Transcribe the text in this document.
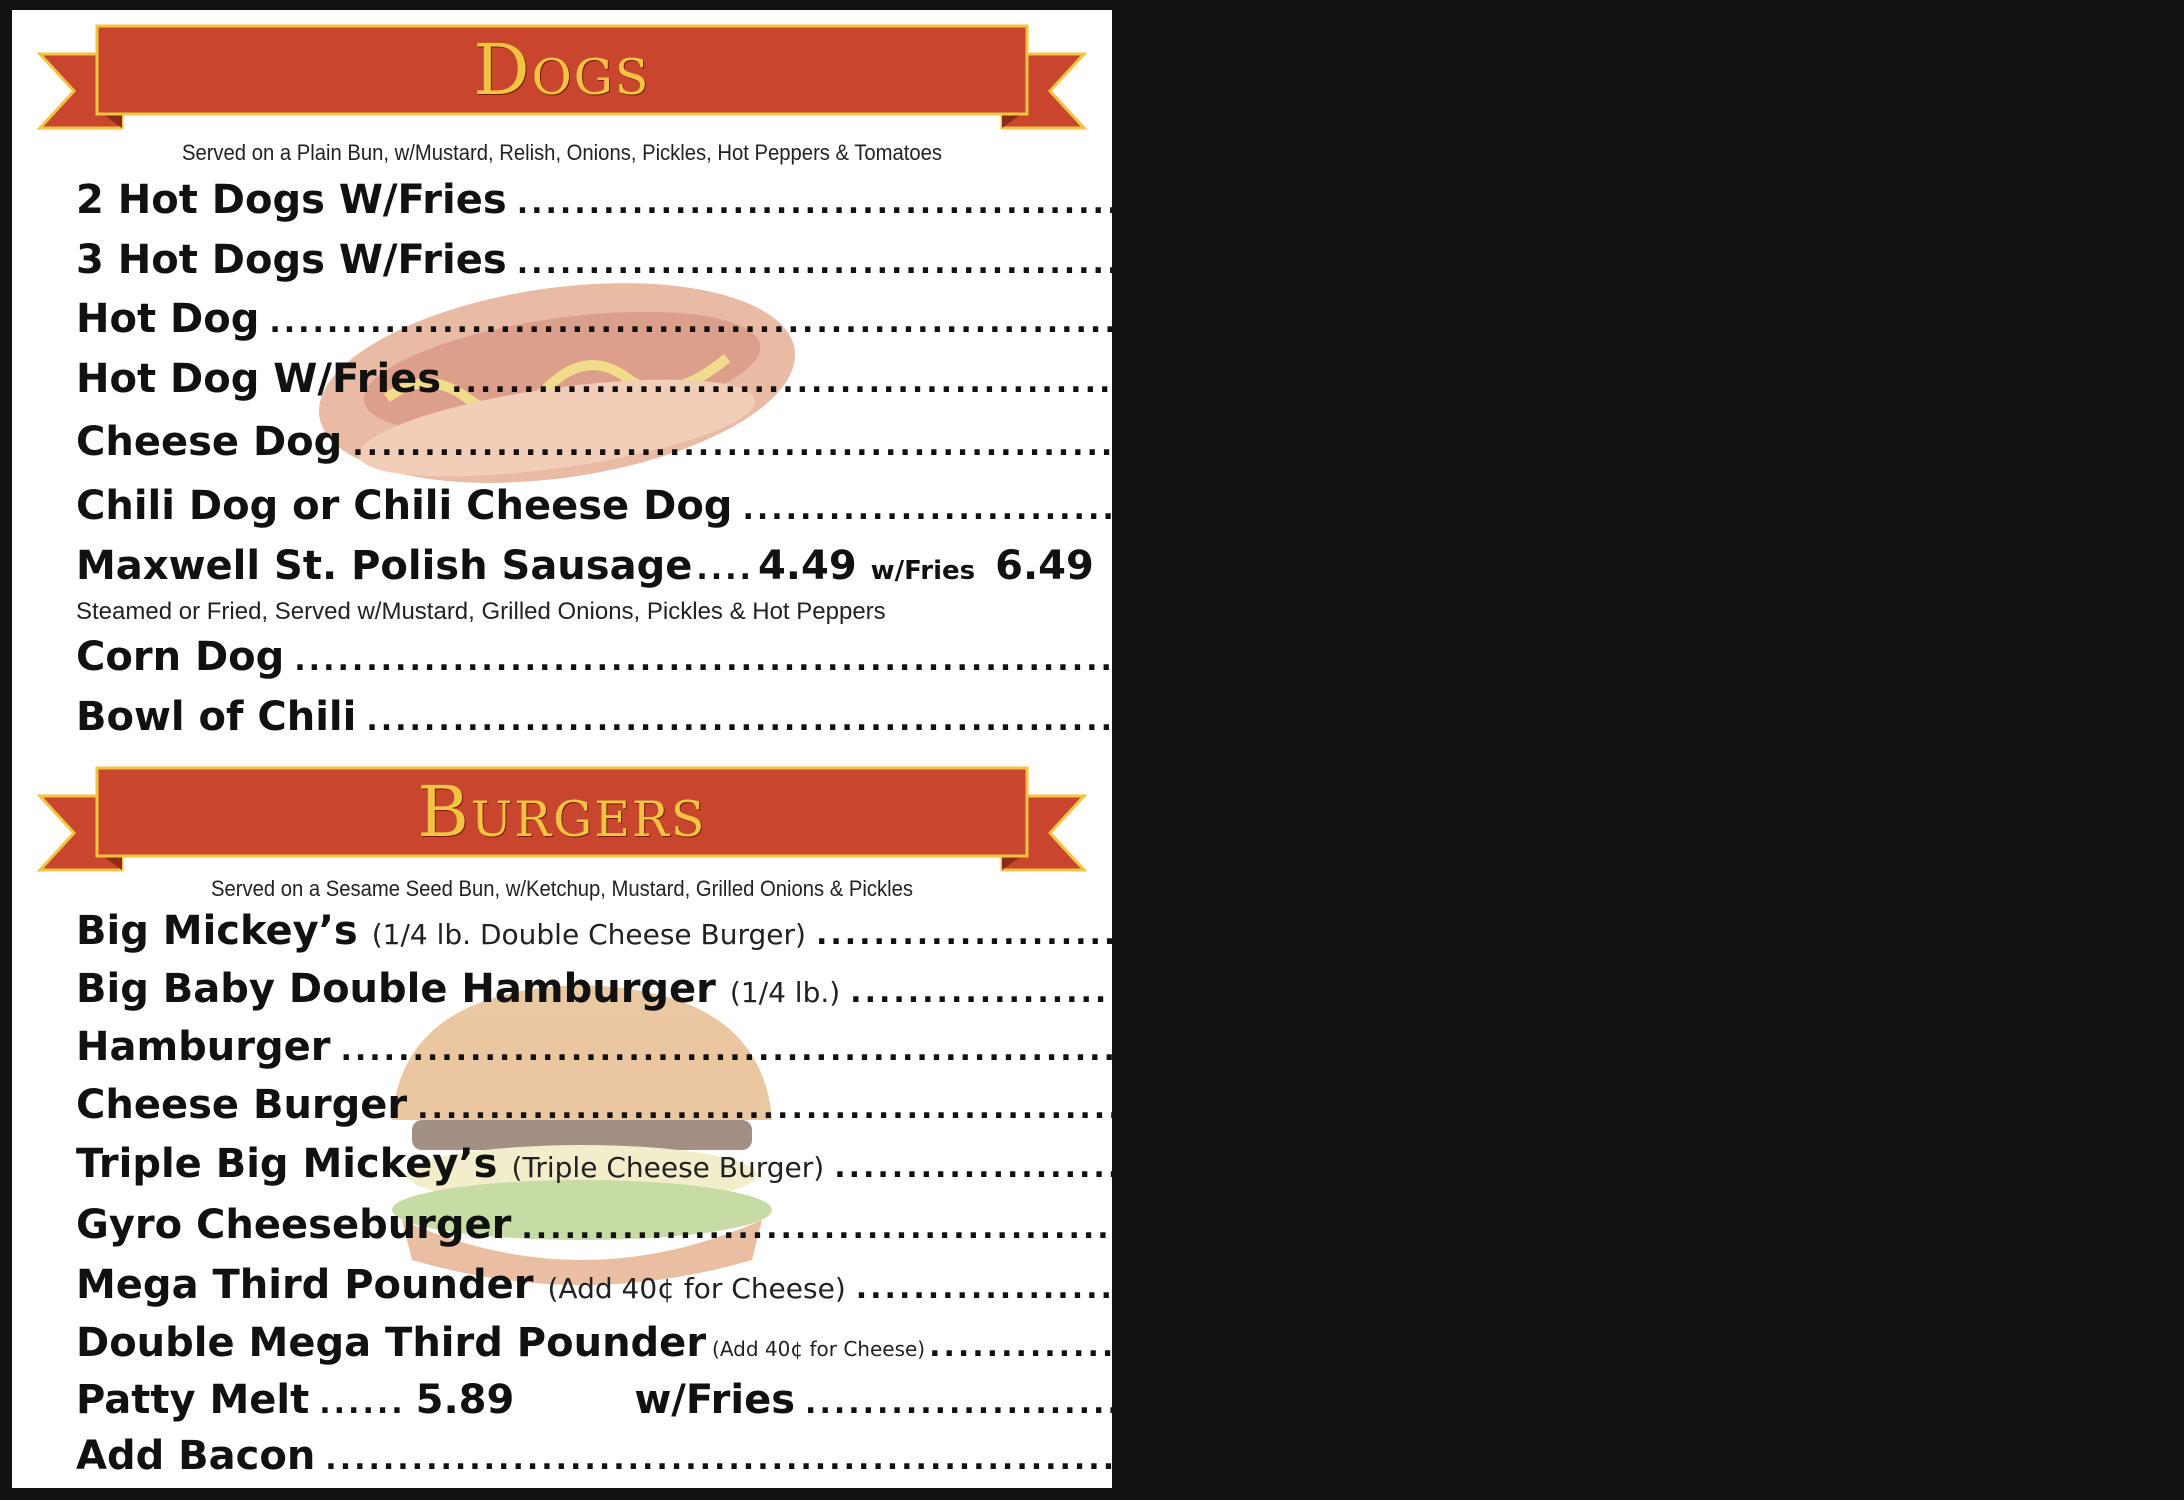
Dogs
Served on a Plain Bun, w/Mustard, Relish, Onions, Pickles, Hot Peppers & Tomatoes
2 Hot Dogs W/Fries ................................................................................ 7.49
3 Hot Dogs W/Fries ................................................................................ 8.49
Hot Dog ................................................................................ 3.25
Hot Dog W/Fries ................................................................................ 4.99
Cheese Dog ................................................................................ 3.49
Chili Dog or Chili Cheese Dog ................................................................................ 3.49
Maxwell St. Polish Sausage .... 4.49 w/Fries 6.49
Steamed or Fried, Served w/Mustard, Grilled Onions, Pickles & Hot Peppers
Corn Dog ................................................................................ 2.69
Bowl of Chili ................................................................................ 2.99
Burgers
Served on a Sesame Seed Bun, w/Ketchup, Mustard, Grilled Onions & Pickles
Big Mickey’s (1/4 lb. Double Cheese Burger) ................................................................................ 2.99
Big Baby Double Hamburger (1/4 lb.) ................................................................................ 2.99
Hamburger ................................................................................ 2.39
Cheese Burger ................................................................................ 2.49
Triple Big Mickey’s (Triple Cheese Burger) ................................................................................ 4.59
Gyro Cheeseburger ................................................................................ 4.99
Mega Third Pounder (Add 40¢ for Cheese) ................................................................................ 4.59
Double Mega Third Pounder (Add 40¢ for Cheese) ................................................................................ 5.99
Patty Melt ...... 5.89	w/Fries ................................................................................ 7.69
Add Bacon ................................................................................ 1.20
